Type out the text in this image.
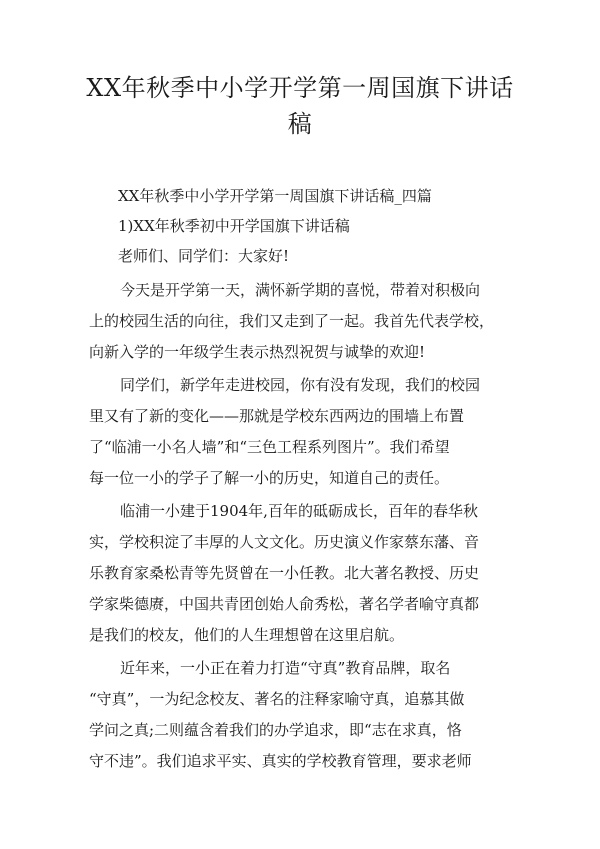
XX年秋季中小学开学第一周国旗下讲话
稿

XX年秋季中小学开学第一周国旗下讲话稿_四篇

1)XX年秋季初中开学国旗下讲话稿

老师们、同学们：大家好!

今天是开学第一天，满怀新学期的喜悦，带着对积极向

上的校园生活的向往，我们又走到了一起。我首先代表学校，

向新入学的一年级学生表示热烈祝贺与诚挚的欢迎!

同学们，新学年走进校园，你有没有发现，我们的校园

里又有了新的变化——那就是学校东西两边的围墙上布置

了“临浦一小名人墙”和“三色工程系列图片”。我们希望

每一位一小的学子了解一小的历史，知道自己的责任。

临浦一小建于1904年,百年的砥砺成长，百年的春华秋

实，学校积淀了丰厚的人文文化。历史演义作家蔡东藩、音

乐教育家桑松青等先贤曾在一小任教。北大著名教授、历史

学家柴德赓，中国共青团创始人俞秀松，著名学者喻守真都

是我们的校友，他们的人生理想曾在这里启航。

近年来，一小正在着力打造“守真”教育品牌，取名

“守真”，一为纪念校友、著名的注释家喻守真，追慕其做

学问之真;二则蕴含着我们的办学追求，即“志在求真，恪

守不违”。我们追求平实、真实的学校教育管理，要求老师
